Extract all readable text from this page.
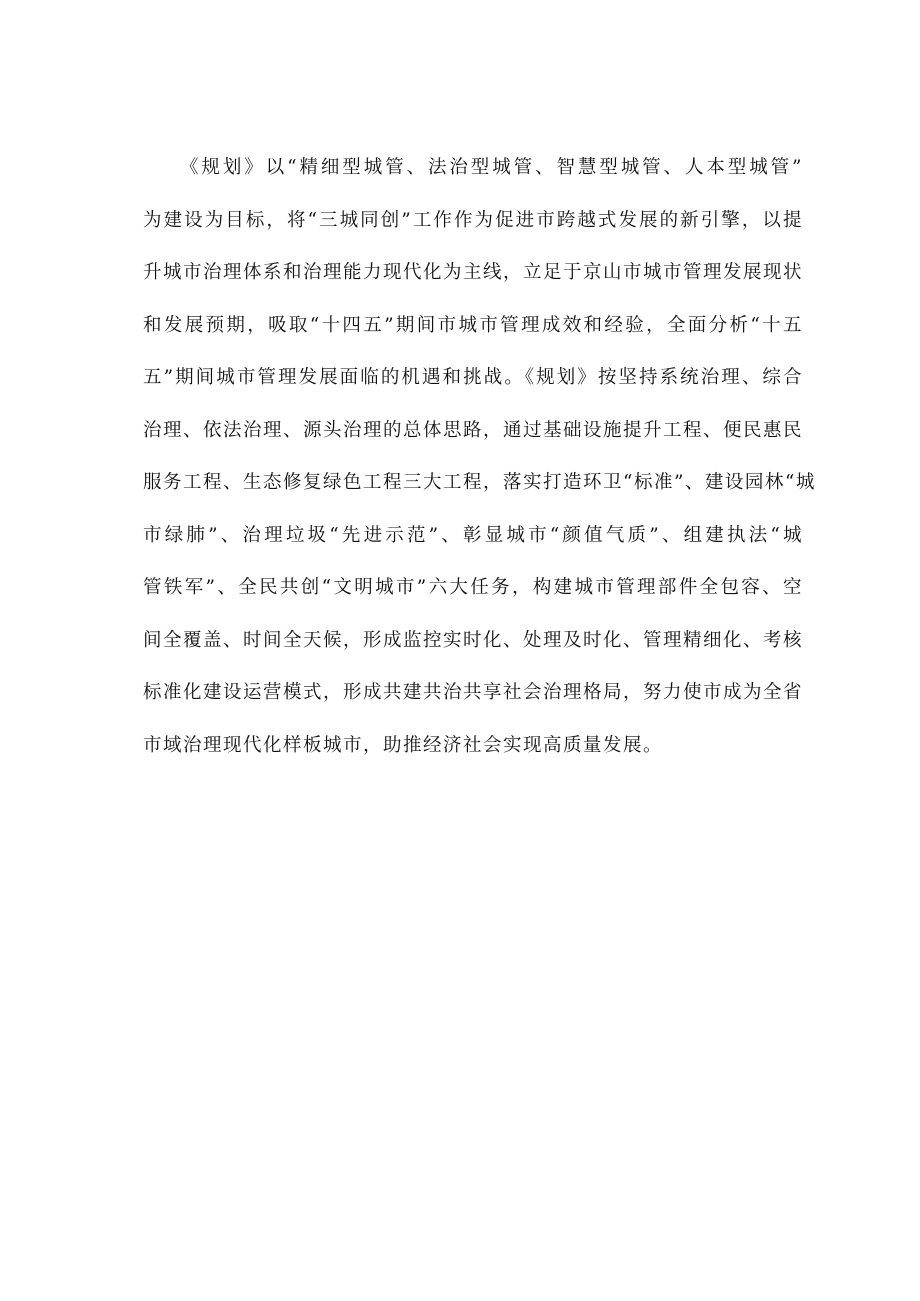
《规划》以“精细型城管、法治型城管、智慧型城管、人本型城管”
为建设为目标，将“三城同创”工作作为促进市跨越式发展的新引擎，以提
升城市治理体系和治理能力现代化为主线，立足于京山市城市管理发展现状
和发展预期，吸取“十四五”期间市城市管理成效和经验，全面分析“十五
五”期间城市管理发展面临的机遇和挑战。《规划》按坚持系统治理、综合
治理、依法治理、源头治理的总体思路，通过基础设施提升工程、便民惠民
服务工程、生态修复绿色工程三大工程，落实打造环卫“标准”、建设园林“城
市绿肺”、治理垃圾“先进示范”、彰显城市“颜值气质”、组建执法“城
管铁军”、全民共创“文明城市”六大任务，构建城市管理部件全包容、空
间全覆盖、时间全天候，形成监控实时化、处理及时化、管理精细化、考核
标准化建设运营模式，形成共建共治共享社会治理格局，努力使市成为全省
市域治理现代化样板城市，助推经济社会实现高质量发展。
